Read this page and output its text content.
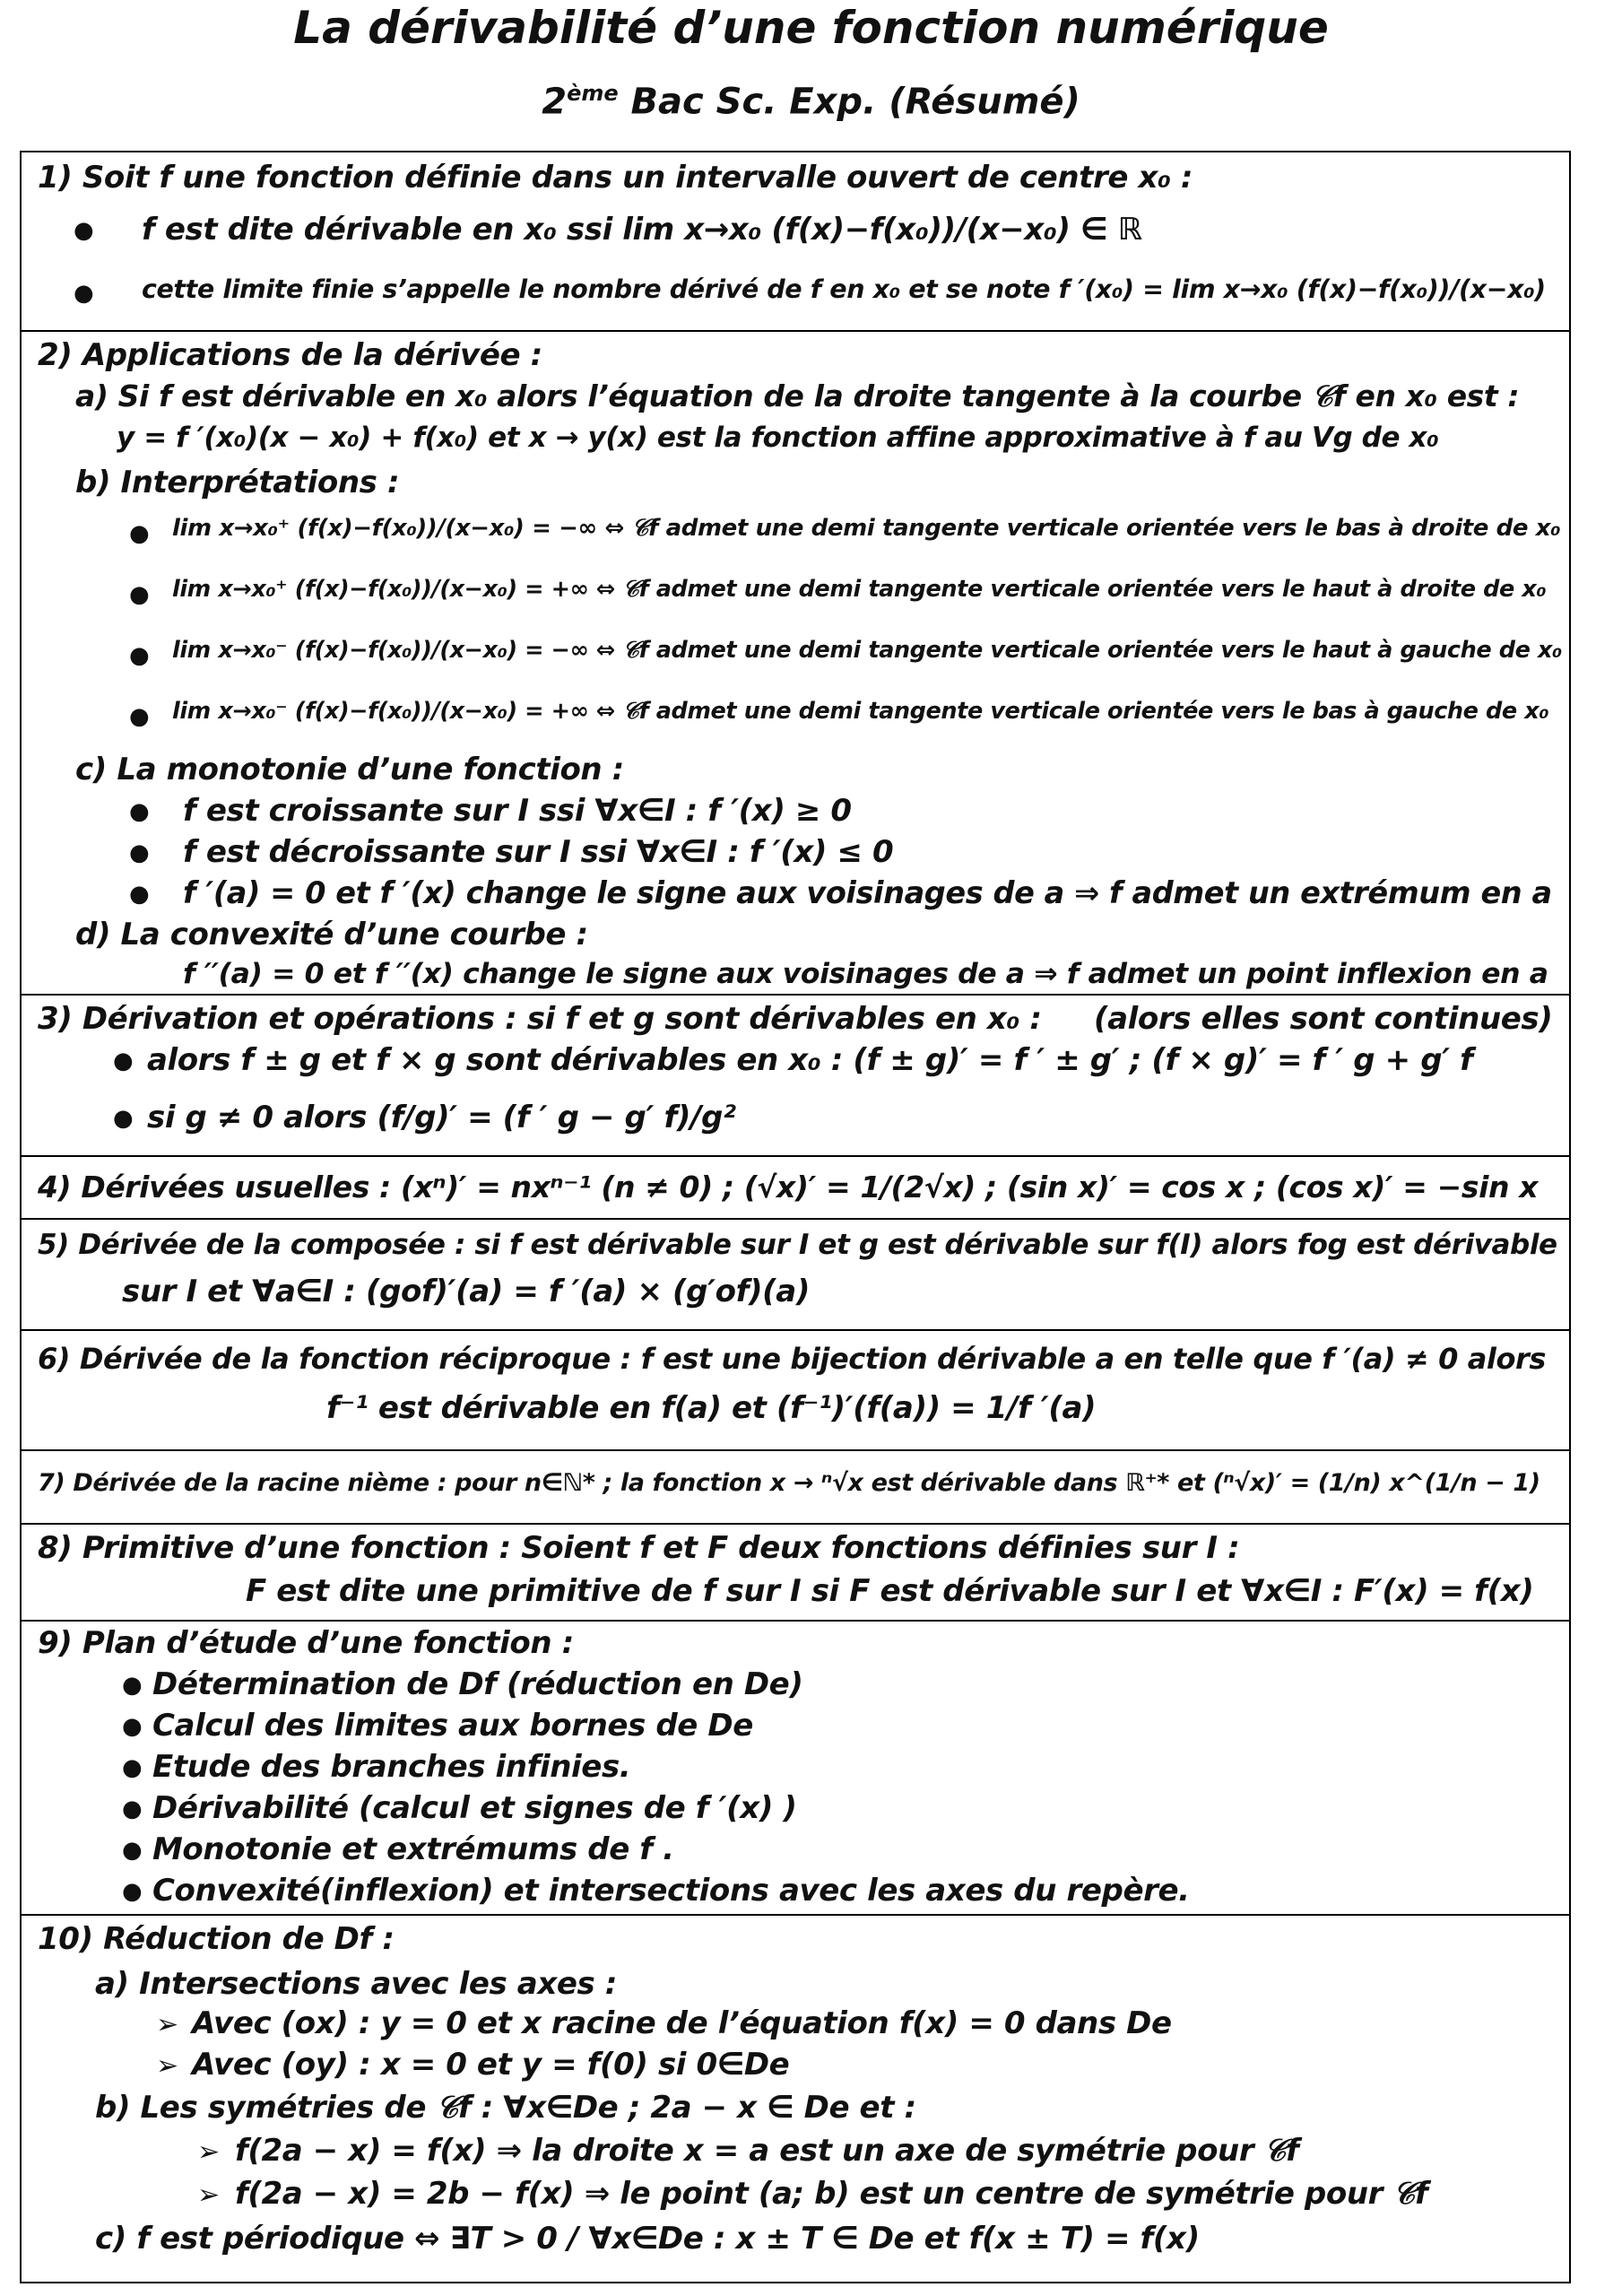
La dérivabilité d’une fonction numérique
2ème Bac Sc. Exp. (Résumé)
1) Soit f une fonction définie dans un intervalle ouvert de centre x₀ :
● f est dite dérivable en x₀ ssi lim x→x₀ (f(x)−f(x₀))/(x−x₀) ∈ ℝ
● cette limite finie s’appelle le nombre dérivé de f en x₀ et se note f ′(x₀) = lim x→x₀ (f(x)−f(x₀))/(x−x₀)
2) Applications de la dérivée :
a) Si f est dérivable en x₀ alors l’équation de la droite tangente à la courbe 𝒞f en x₀ est :
y = f ′(x₀)(x − x₀) + f(x₀) et x → y(x) est la fonction affine approximative à f au Vg de x₀
b) Interprétations :
● lim x→x₀⁺ (f(x)−f(x₀))/(x−x₀) = −∞ ⇔ 𝒞f admet une demi tangente verticale orientée vers le bas à droite de x₀
● lim x→x₀⁺ (f(x)−f(x₀))/(x−x₀) = +∞ ⇔ 𝒞f admet une demi tangente verticale orientée vers le haut à droite de x₀
● lim x→x₀⁻ (f(x)−f(x₀))/(x−x₀) = −∞ ⇔ 𝒞f admet une demi tangente verticale orientée vers le haut à gauche de x₀
● lim x→x₀⁻ (f(x)−f(x₀))/(x−x₀) = +∞ ⇔ 𝒞f admet une demi tangente verticale orientée vers le bas à gauche de x₀
c) La monotonie d’une fonction :
● f est croissante sur I ssi ∀x∈I : f ′(x) ≥ 0
● f est décroissante sur I ssi ∀x∈I : f ′(x) ≤ 0
● f ′(a) = 0 et f ′(x) change le signe aux voisinages de a ⇒ f admet un extrémum en a
d) La convexité d’une courbe :
f ′′(a) = 0 et f ′′(x) change le signe aux voisinages de a ⇒ f admet un point inflexion en a
3) Dérivation et opérations : si f et g sont dérivables en x₀ : (alors elles sont continues)
● alors f ± g et f × g sont dérivables en x₀ : (f ± g)′ = f ′ ± g′ ; (f × g)′ = f ′ g + g′ f
● si g ≠ 0 alors (f/g)′ = (f ′ g − g′ f)/g²
4) Dérivées usuelles : (xⁿ)′ = nxⁿ⁻¹ (n ≠ 0) ; (√x)′ = 1/(2√x) ; (sin x)′ = cos x ; (cos x)′ = −sin x
5) Dérivée de la composée : si f est dérivable sur I et g est dérivable sur f(I) alors fog est dérivable
sur I et ∀a∈I : (gof)′(a) = f ′(a) × (g′of)(a)
6) Dérivée de la fonction réciproque : f est une bijection dérivable a en telle que f ′(a) ≠ 0 alors
f⁻¹ est dérivable en f(a) et (f⁻¹)′(f(a)) = 1/f ′(a)
7) Dérivée de la racine nième : pour n∈ℕ* ; la fonction x → ⁿ√x est dérivable dans ℝ⁺* et (ⁿ√x)′ = (1/n) x^(1/n − 1)
8) Primitive d’une fonction : Soient f et F deux fonctions définies sur I :
F est dite une primitive de f sur I si F est dérivable sur I et ∀x∈I : F′(x) = f(x)
9) Plan d’étude d’une fonction :
● Détermination de Df (réduction en De)
● Calcul des limites aux bornes de De
● Etude des branches infinies.
● Dérivabilité (calcul et signes de f ′(x) )
● Monotonie et extrémums de f .
● Convexité(inflexion) et intersections avec les axes du repère.
10) Réduction de Df :
a) Intersections avec les axes :
➢ Avec (ox) : y = 0 et x racine de l’équation f(x) = 0 dans De
➢ Avec (oy) : x = 0 et y = f(0) si 0∈De
b) Les symétries de 𝒞f : ∀x∈De ; 2a − x ∈ De et :
➢ f(2a − x) = f(x) ⇒ la droite x = a est un axe de symétrie pour 𝒞f
➢ f(2a − x) = 2b − f(x) ⇒ le point (a; b) est un centre de symétrie pour 𝒞f
c) f est périodique ⇔ ∃T > 0 / ∀x∈De : x ± T ∈ De et f(x ± T) = f(x)
